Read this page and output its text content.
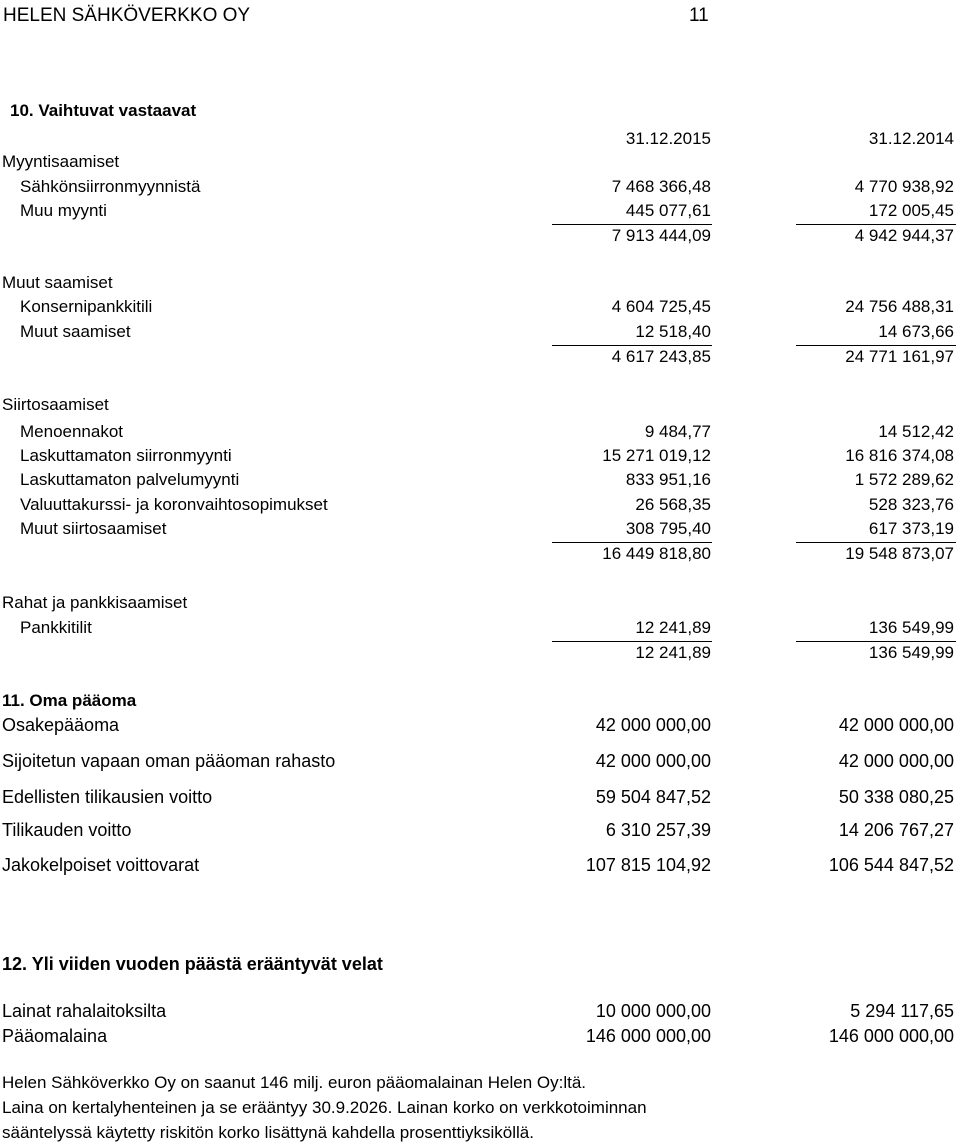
HELEN SÄHKÖVERKKO OY	11
10. Vaihtuvat vastaavat
31.12.2015	31.12.2014
Myyntisaamiset
Sähkönsiirronmyynnistä	7 468 366,48	4 770 938,92
Muu myynti	445 077,61	172 005,45
7 913 444,09	4 942 944,37
Muut saamiset
Konsernipankkitili	4 604 725,45	24 756 488,31
Muut saamiset	12 518,40	14 673,66
4 617 243,85	24 771 161,97
Siirtosaamiset
Menoennakot	9 484,77	14 512,42
Laskuttamaton siirronmyynti	15 271 019,12	16 816 374,08
Laskuttamaton palvelumyynti	833 951,16	1 572 289,62
Valuuttakurssi- ja koronvaihtosopimukset	26 568,35	528 323,76
Muut siirtosaamiset	308 795,40	617 373,19
16 449 818,80	19 548 873,07
Rahat ja pankkisaamiset
Pankkitilit	12 241,89	136 549,99
12 241,89	136 549,99
11. Oma pääoma
Osakepääoma	42 000 000,00	42 000 000,00
Sijoitetun vapaan oman pääoman rahasto	42 000 000,00	42 000 000,00
Edellisten tilikausien voitto	59 504 847,52	50 338 080,25
Tilikauden voitto	6 310 257,39	14 206 767,27
Jakokelpoiset voittovarat	107 815 104,92	106 544 847,52
12. Yli viiden vuoden päästä erääntyvät velat
Lainat rahalaitoksilta	10 000 000,00	5 294 117,65
Pääomalaina	146 000 000,00	146 000 000,00
Helen Sähköverkko Oy on saanut 146 milj. euron pääomalainan Helen Oy:ltä.
Laina on kertalyhenteinen ja se erääntyy 30.9.2026. Lainan korko on verkkotoiminnan
sääntelyssä käytetty riskitön korko lisättynä kahdella prosenttiyksiköllä.
